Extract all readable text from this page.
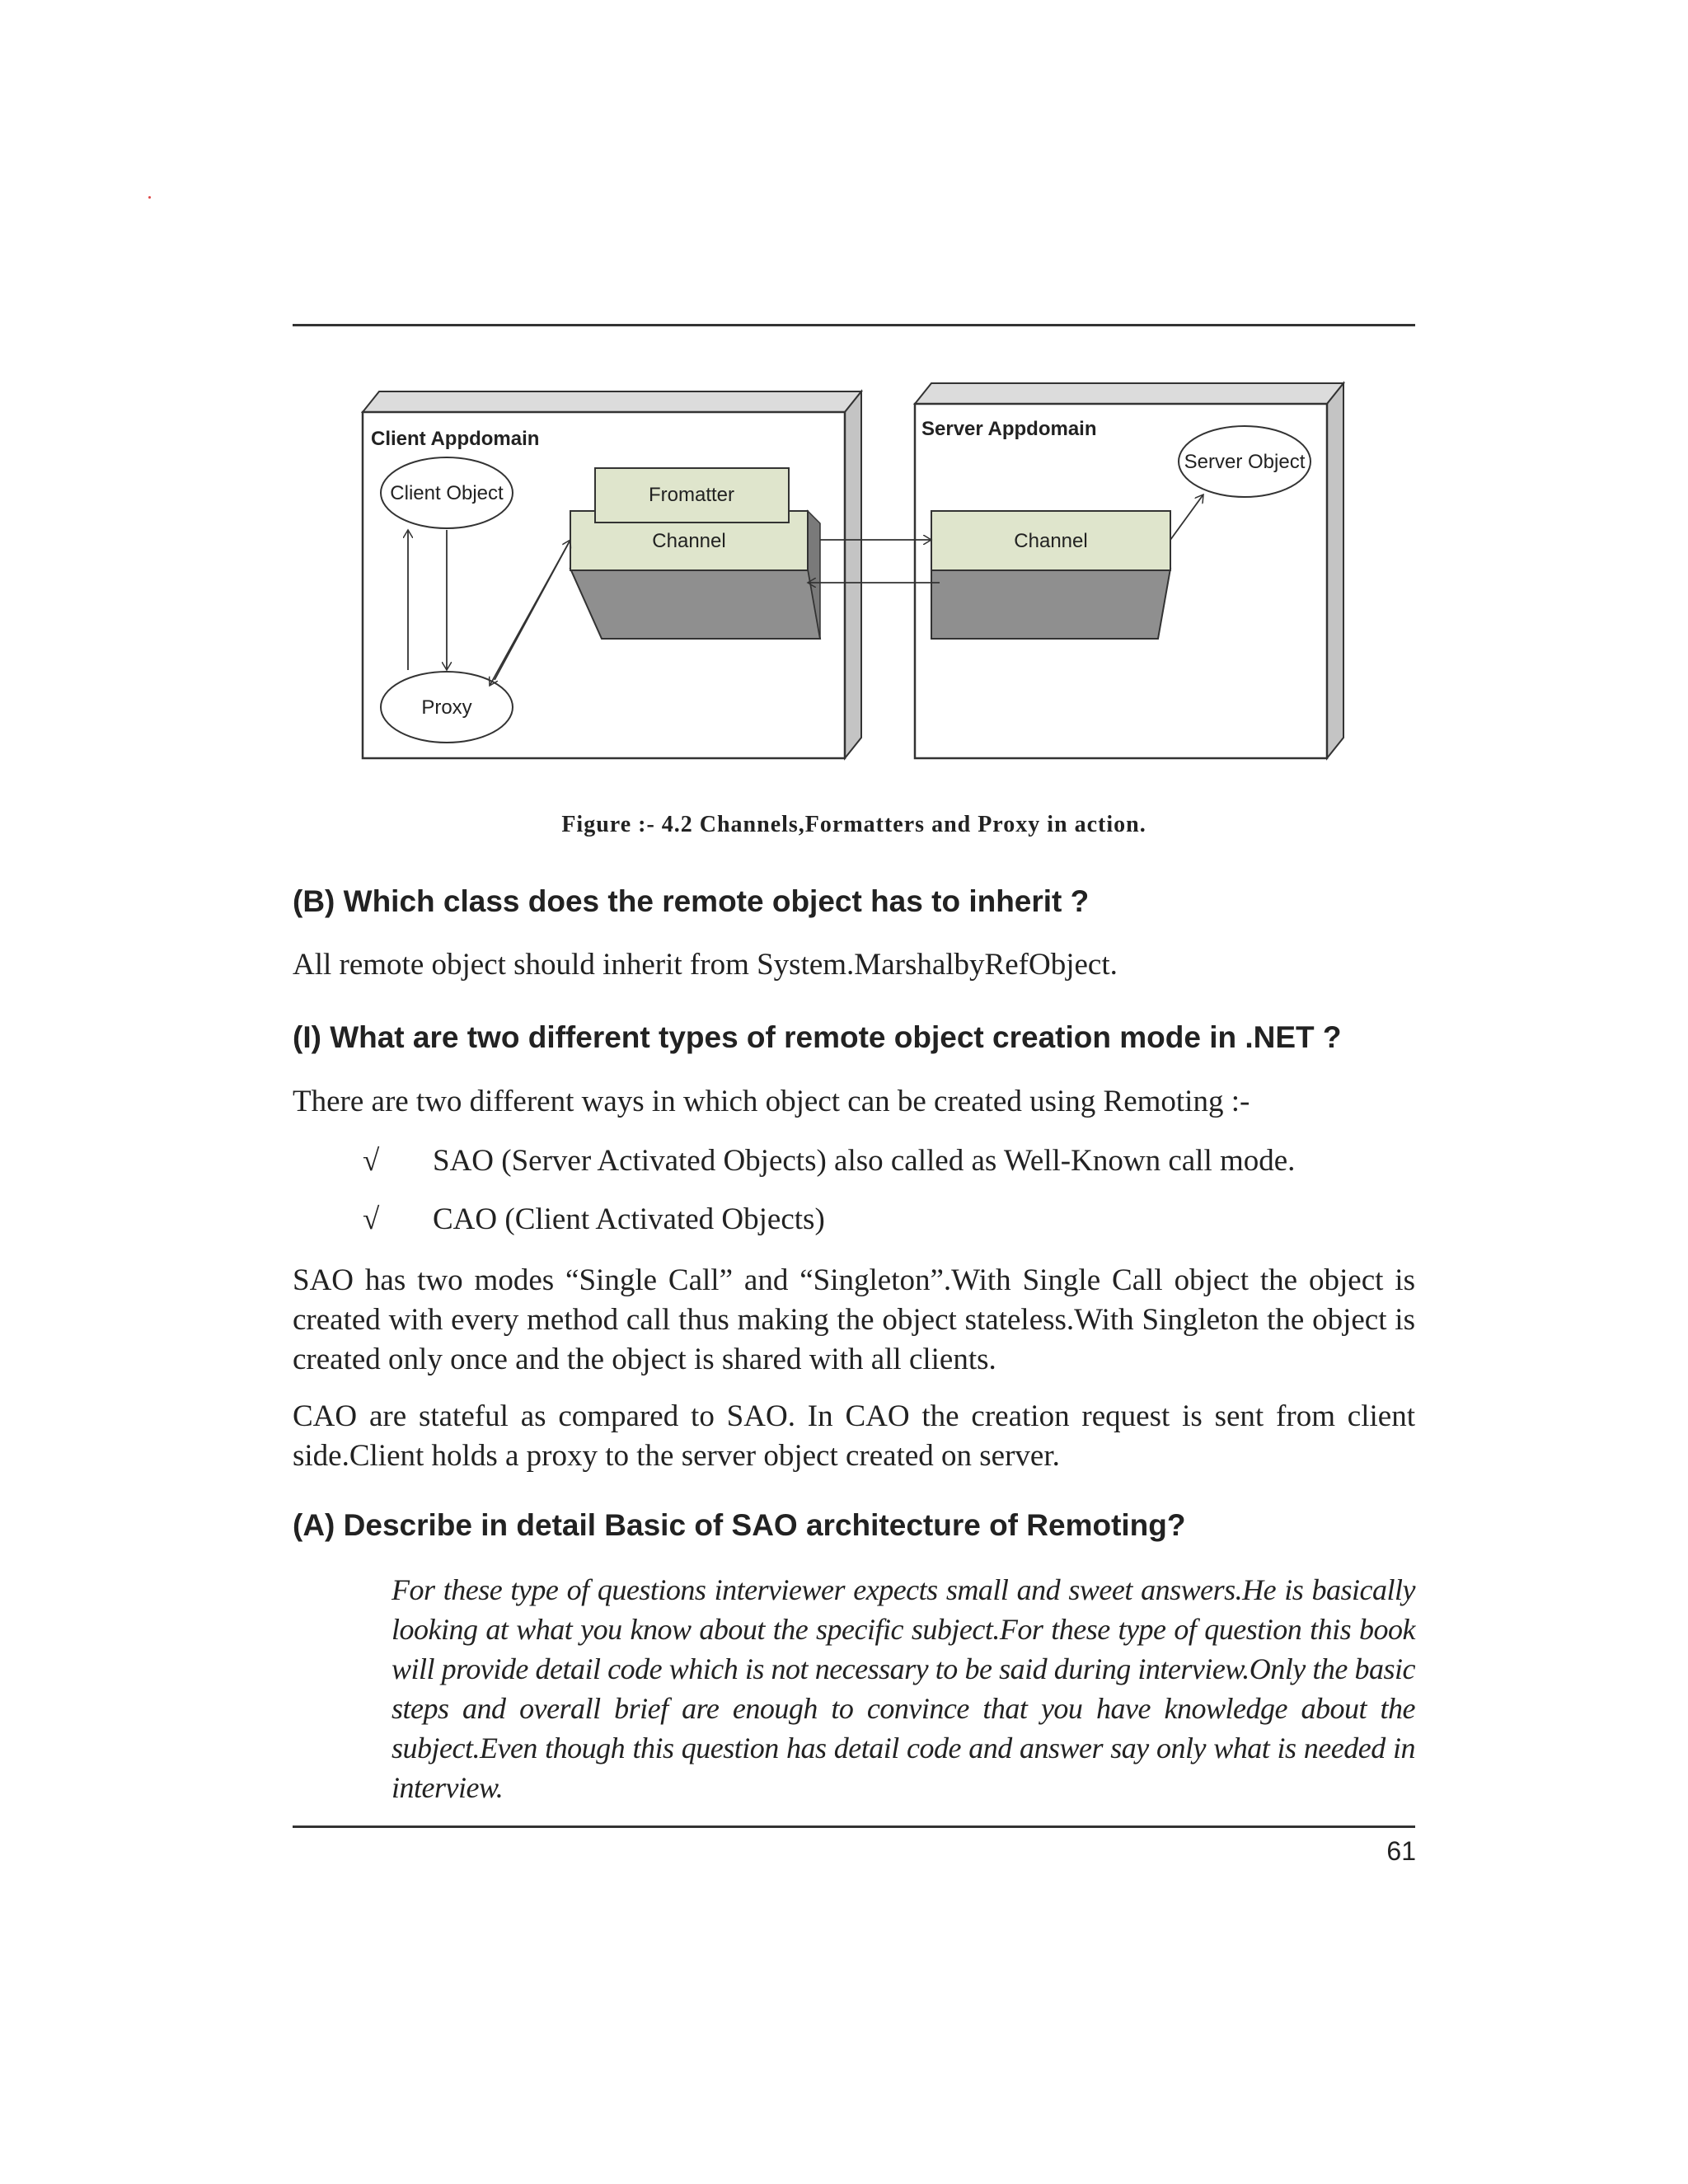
Client Appdomain	Server Appdomain
Client Object
Proxy
Channel
Fromatter
Channel
Server Object
Figure :- 4.2 Channels,Formatters and Proxy in action.
(B) Which class does the remote object has to inherit ?
All remote object should inherit from System.MarshalbyRefObject.
(I) What are two different types of remote object creation mode in .NET ?
There are two different ways in which object can be created using Remoting :-
√ SAO (Server Activated Objects) also called as Well-Known call mode.
√ CAO (Client Activated Objects)
SAO has two modes “Single Call” and “Singleton”.With Single Call object the object is created with every method call thus making the object stateless.With Singleton the object is created only once and the object is shared with all clients.
CAO are stateful as compared to SAO. In CAO the creation request is sent from client side.Client holds a proxy to the server object created on server.
(A) Describe in detail Basic of SAO architecture of Remoting?
For these type of questions interviewer expects small and sweet answers.He is basically looking at what you know about the specific subject.For these type of question this book will provide detail code which is not necessary to be said during interview.Only the basic steps and overall brief are enough to convince that you have knowledge about the subject.Even though this question has detail code and answer say only what is needed in interview.
61
